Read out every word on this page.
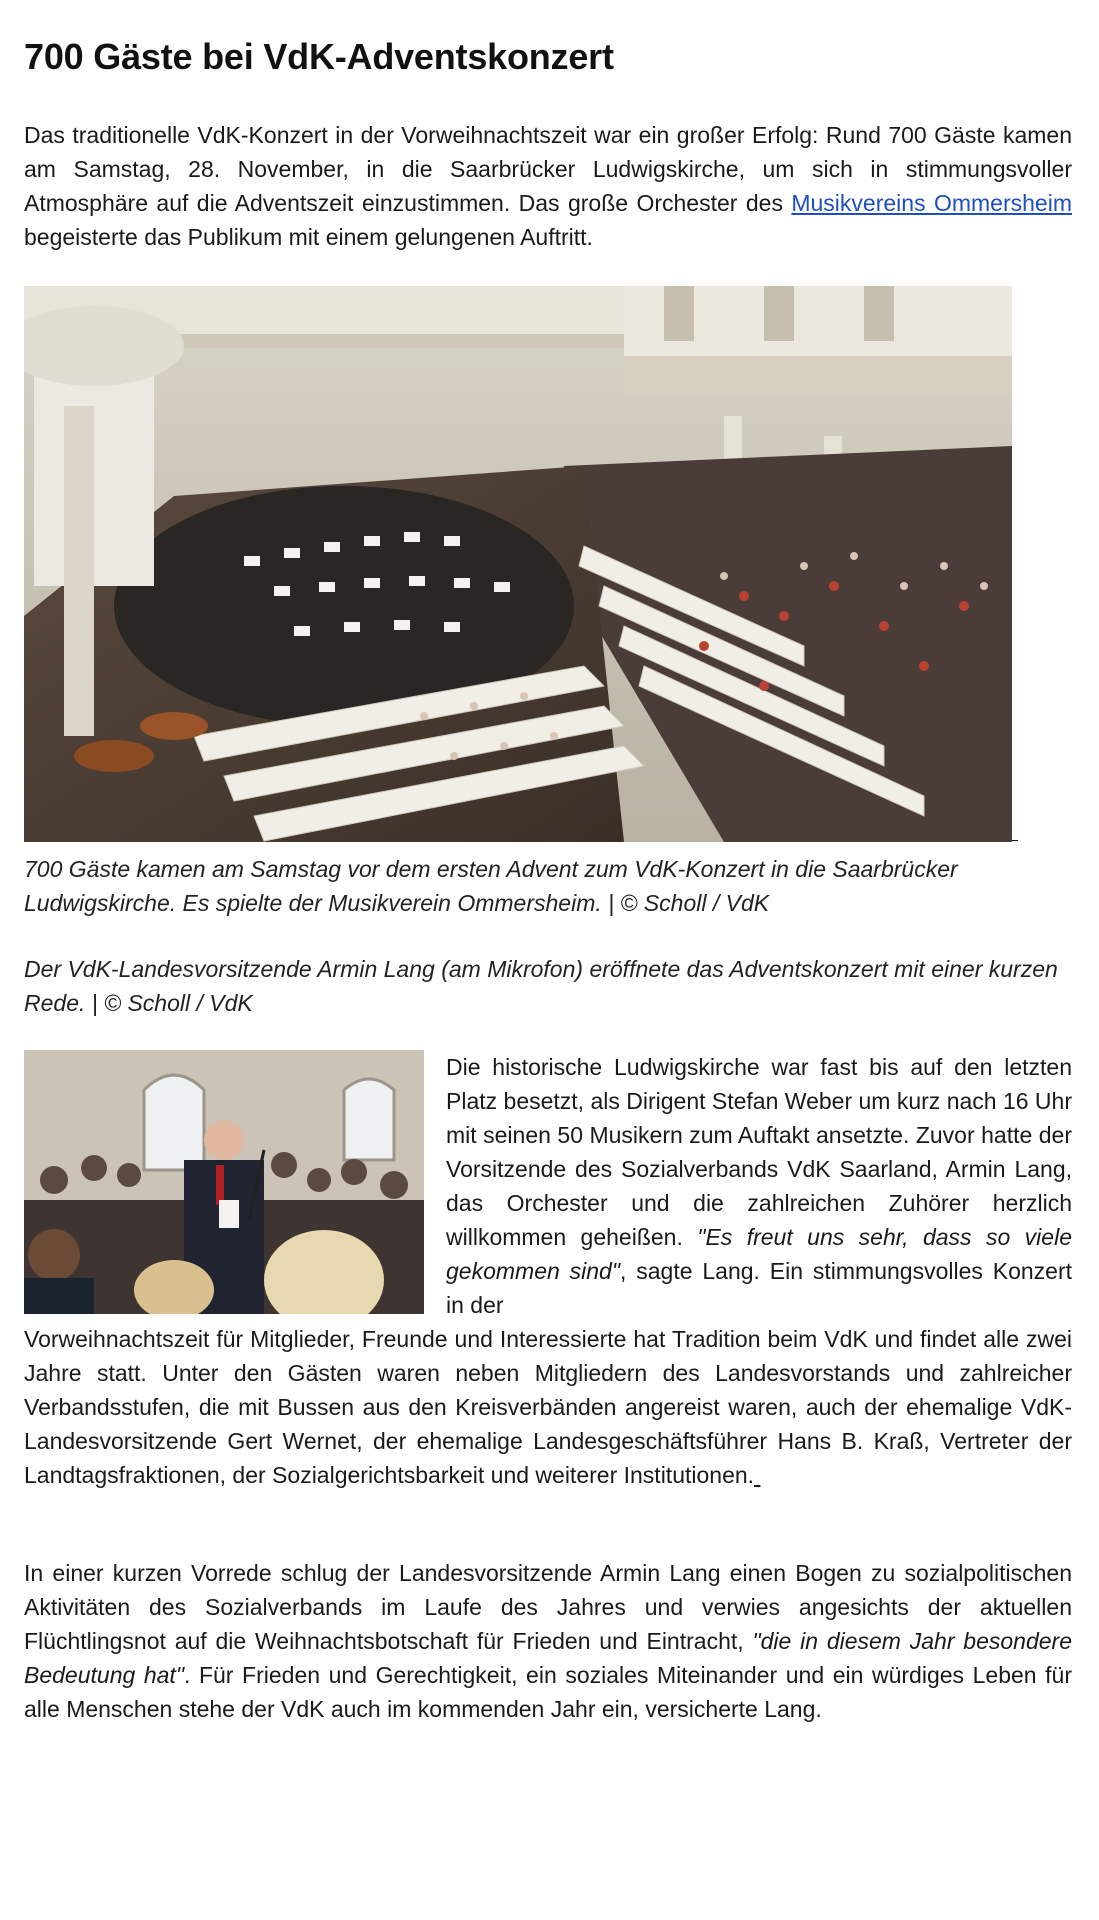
700 Gäste bei VdK-Adventskonzert

Das traditionelle VdK-Konzert in der Vorweihnachtszeit war ein großer Erfolg: Rund 700 Gäste kamen am Samstag, 28. November, in die Saarbrücker Ludwigskirche, um sich in stimmungsvoller Atmosphäre auf die Adventszeit einzustimmen. Das große Orchester des Musikvereins Ommersheim begeisterte das Publikum mit einem gelungenen Auftritt.

700 Gäste kamen am Samstag vor dem ersten Advent zum VdK-Konzert in die Saarbrücker Ludwigskirche. Es spielte der Musikverein Ommersheim. | © Scholl / VdK

Der VdK-Landesvorsitzende Armin Lang (am Mikrofon) eröffnete das Adventskonzert mit einer kurzen Rede. | © Scholl / VdK

Die historische Ludwigskirche war fast bis auf den letzten Platz besetzt, als Dirigent Stefan Weber um kurz nach 16 Uhr mit seinen 50 Musikern zum Auftakt ansetzte. Zuvor hatte der Vorsitzende des Sozialverbands VdK Saarland, Armin Lang, das Orchester und die zahlreichen Zuhörer herzlich willkommen geheißen. "Es freut uns sehr, dass so viele gekommen sind", sagte Lang. Ein stimmungsvolles Konzert in der

Vorweihnachtszeit für Mitglieder, Freunde und Interessierte hat Tradition beim VdK und findet alle zwei Jahre statt. Unter den Gästen waren neben Mitgliedern des Landesvorstands und zahlreicher Verbandsstufen, die mit Bussen aus den Kreisverbänden angereist waren, auch der ehemalige VdK-Landesvorsitzende Gert Wernet, der ehemalige Landesgeschäftsführer Hans B. Kraß, Vertreter der Landtagsfraktionen, der Sozialgerichtsbarkeit und weiterer Institutionen.

In einer kurzen Vorrede schlug der Landesvorsitzende Armin Lang einen Bogen zu sozialpolitischen Aktivitäten des Sozialverbands im Laufe des Jahres und verwies angesichts der aktuellen Flüchtlingsnot auf die Weihnachtsbotschaft für Frieden und Eintracht, "die in diesem Jahr besondere Bedeutung hat". Für Frieden und Gerechtigkeit, ein soziales Miteinander und ein würdiges Leben für alle Menschen stehe der VdK auch im kommenden Jahr ein, versicherte Lang.
